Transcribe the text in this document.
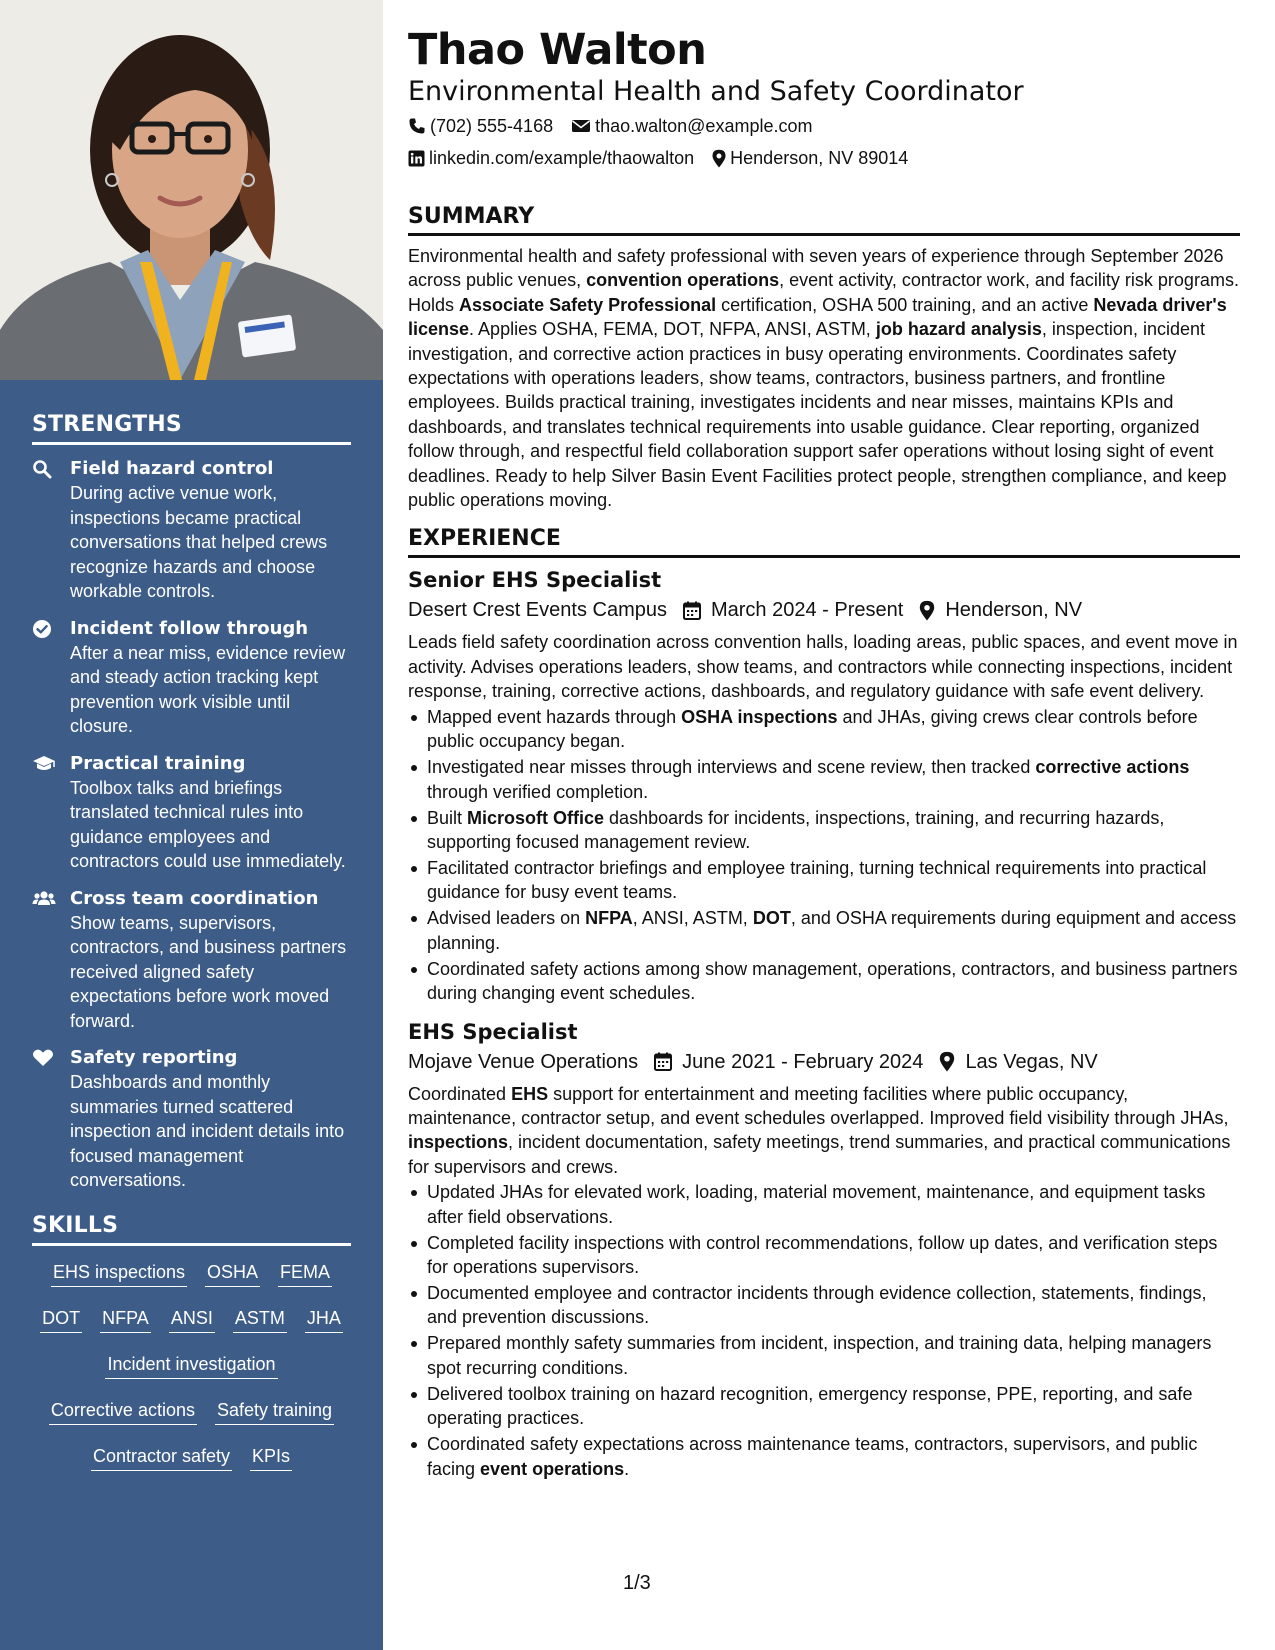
STRENGTHS
Field hazard control
During active venue work, inspections became practical conversations that helped crews recognize hazards and choose workable controls.
Incident follow through
After a near miss, evidence review and steady action tracking kept prevention work visible until closure.
Practical training
Toolbox talks and briefings translated technical rules into guidance employees and contractors could use immediately.
Cross team coordination
Show teams, supervisors, contractors, and business partners received aligned safety expectations before work moved forward.
Safety reporting
Dashboards and monthly summaries turned scattered inspection and incident details into focused management conversations.
SKILLS
EHS inspections OSHA FEMA
DOT NFPA ANSI ASTM JHA
Incident investigation
Corrective actions Safety training
Contractor safety KPIs
Thao Walton
Environmental Health and Safety Coordinator
(702) 555-4168 thao.walton@example.com
linkedin.com/example/thaowalton Henderson, NV 89014
SUMMARY

Environmental health and safety professional with seven years of experience through September 2026 across public venues, convention operations, event activity, contractor work, and facility risk programs. Holds Associate Safety Professional certification, OSHA 500 training, and an active Nevada driver's license. Applies OSHA, FEMA, DOT, NFPA, ANSI, ASTM, job hazard analysis, inspection, incident investigation, and corrective action practices in busy operating environments. Coordinates safety expectations with operations leaders, show teams, contractors, business partners, and frontline employees. Builds practical training, investigates incidents and near misses, maintains KPIs and dashboards, and translates technical requirements into usable guidance. Clear reporting, organized follow through, and respectful field collaboration support safer operations without losing sight of event deadlines. Ready to help Silver Basin Event Facilities protect people, strengthen compliance, and keep public operations moving.

EXPERIENCE
Senior EHS Specialist
Desert Crest Events Campus March 2024 - Present Henderson, NV

Leads field safety coordination across convention halls, loading areas, public spaces, and event move in activity. Advises operations leaders, show teams, and contractors while connecting inspections, incident response, training, corrective actions, dashboards, and regulatory guidance with safe event delivery.

Mapped event hazards through OSHA inspections and JHAs, giving crews clear controls before public occupancy began.
Investigated near misses through interviews and scene review, then tracked corrective actions through verified completion.
Built Microsoft Office dashboards for incidents, inspections, training, and recurring hazards, supporting focused management review.
Facilitated contractor briefings and employee training, turning technical requirements into practical guidance for busy event teams.
Advised leaders on NFPA, ANSI, ASTM, DOT, and OSHA requirements during equipment and access planning.
Coordinated safety actions among show management, operations, contractors, and business partners during changing event schedules.
EHS Specialist
Mojave Venue Operations June 2021 - February 2024 Las Vegas, NV

Coordinated EHS support for entertainment and meeting facilities where public occupancy, maintenance, contractor setup, and event schedules overlapped. Improved field visibility through JHAs, inspections, incident documentation, safety meetings, trend summaries, and practical communications for supervisors and crews.

Updated JHAs for elevated work, loading, material movement, maintenance, and equipment tasks after field observations.
Completed facility inspections with control recommendations, follow up dates, and verification steps for operations supervisors.
Documented employee and contractor incidents through evidence collection, statements, findings, and prevention discussions.
Prepared monthly safety summaries from incident, inspection, and training data, helping managers spot recurring conditions.
Delivered toolbox training on hazard recognition, emergency response, PPE, reporting, and safe operating practices.
Coordinated safety expectations across maintenance teams, contractors, supervisors, and public facing event operations.
1/3
